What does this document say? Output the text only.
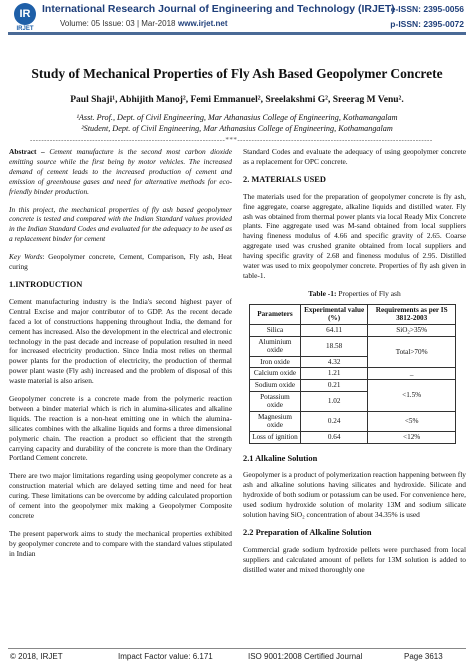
IR
IRJET
International Research Journal of Engineering and Technology (IRJET)
e-ISSN: 2395-0056
Volume: 05 Issue: 03 | Mar-2018 www.irjet.net	p-ISSN: 2395-0072
Study of Mechanical Properties of Fly Ash Based Geopolymer Concrete
Paul Shaji¹, Abhijith Manoj², Femi Emmanuel², Sreelakshmi G², Sreerag M Venu².
¹Asst. Prof., Dept. of Civil Engineering, Mar Athanasius College of Engineering, Kothamangalam
²Student, Dept. of Civil Engineering, Mar Athanasius College of Engineering, Kothamangalam
---------------------------------------------------------------------***---------------------------------------------------------------------

Abstract – Cement manufacture is the second most carbon dioxide emitting source while the first being by motor vehicles. The increased demand of cement leads to the increased production of cement and emission of greenhouse gases and need for alternative methods for eco-friendly binder production.

In this project, the mechanical properties of fly ash based geopolymer concrete is tested and compared with the Indian Standard values provided in the Indian Standard Codes and evaluated for the adequacy to be used as a replacement binder for cement

Key Words: Geopolymer concrete, Cement, Comparison, Fly ash, Heat curing

1.INTRODUCTION

Cement manufacturing industry is the India's second highest payer of Central Excise and major contributor of to GDP. As the recent decade faced a lot of constructions happening throughout India, the demand for cement has increased. Also the development in the electrical and electronic technology in the past decade and increase of population resulted in need for increased electricity production. Since India most relies on thermal power plants for the production of electricity, the production of thermal power plant waste (Fly ash) increased and the problem of disposal of this waste material is also arisen.

Geopolymer concrete is a concrete made from the polymeric reaction between a binder material which is rich in alumina-silicates and alkaline liquids. The reaction is a non-heat emitting one in which the alumina-silicates combines with the alkaline liquids and forms a three dimensional polymeric chain. The reaction a product so efficient that the strength carrying capacity and durability of the concrete is more than the Ordinary Portland Cement concrete.

There are two major limitations regarding using geopolymer concrete as a construction material which are delayed setting time and need for heat curing. These limitations can be overcome by adding calculated proportion of cement into the geopolymer mix making a Geopolymer Composite concrete

The present paperwork aims to study the mechanical properties exhibited by geopolymer concrete and to compare with the standard values stipulated in Indian

Standard Codes and evaluate the adequacy of using geopolymer concrete as a replacement for OPC concrete.

2. MATERIALS USED

The materials used for the preparation of geopolymer concrete is fly ash, fine aggregate, coarse aggregate, alkaline liquids and distilled water. Fly ash was obtained from thermal power plants via local Ready Mix Concrete plants. Fine aggregate used was M-sand obtained from local suppliers having fineness modulus of 4.66 and specific gravity of 2.65. Coarse aggregate used was crushed granite obtained from local suppliers and having specific gravity of 2.68 and fineness modulus of 2.95. Distilled water was used to mix geopolymer concrete. Properties of fly ash given in table-1.

Table -1: Properties of Fly ash
Parameters	Experimental value (%)	Requirements as per IS 3812-2003
Silica	64.11	SiO₂>35%
Aluminium oxide	18.58	Total>70%
Iron oxide	4.32	
Calcium oxide	1.21	_
Sodium oxide	0.21	<1.5%
Potassium oxide	1.02	
Magnesium oxide	0.24	<5%
Loss of ignition	0.64	<12%
2.1 Alkaline Solution

Geopolymer is a product of polymerization reaction happening between fly ash and alkaline solutions having silicates and hydroxide. Silicate and hydroxide of both sodium or potassium can be used. For convenience here, used sodium hydroxide solution of molarity 13M and sodium silicate solution having SiO₂ concentration of about 34.35% is used

2.2 Preparation of Alkaline Solution

Commercial grade sodium hydroxide pellets were purchased from local suppliers and calculated amount of pellets for 13M solution is added to distilled water and mixed thoroughly one

© 2018, IRJET	Impact Factor value: 6.171	ISO 9001:2008 Certified Journal	Page 3613
